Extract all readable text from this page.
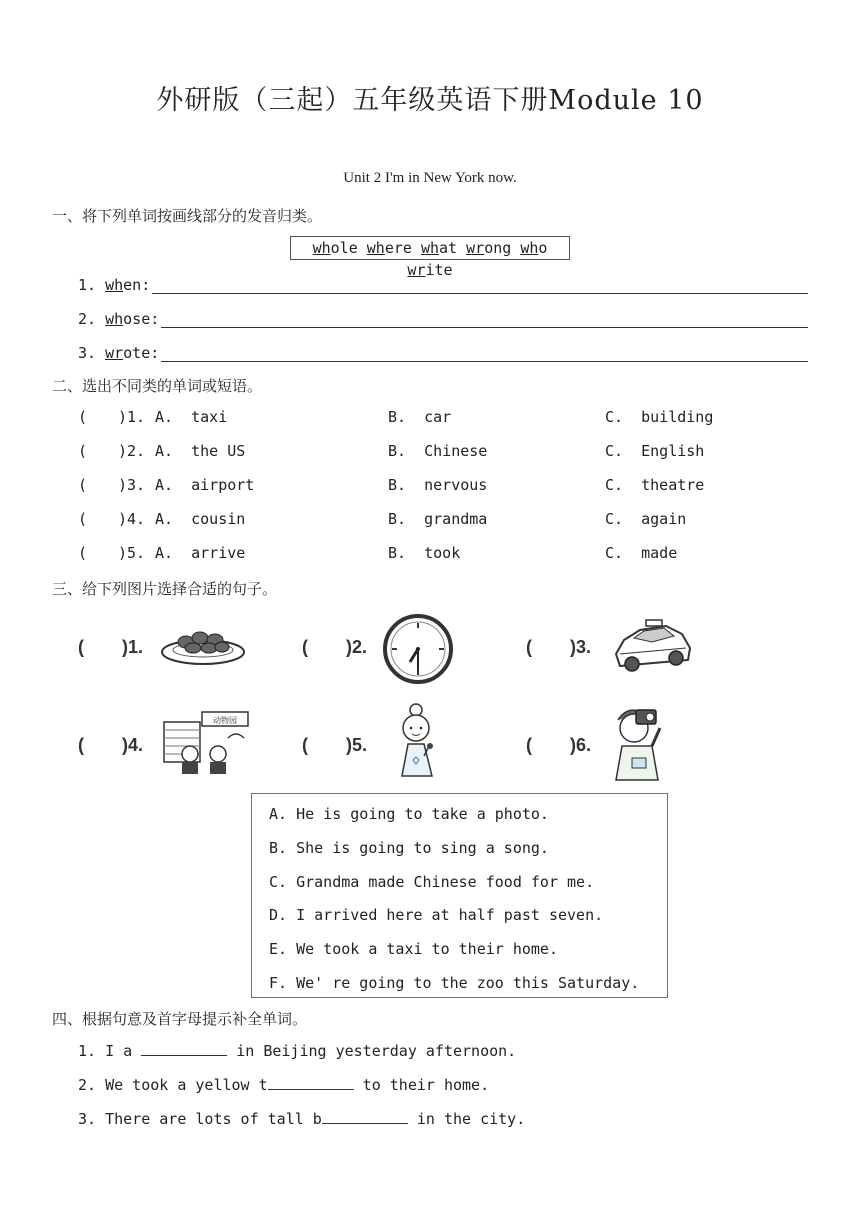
外研版（三起）五年级英语下册Module 10
Unit 2 I'm in New York now.
一、将下列单词按画线部分的发音归类。
whole where what wrong who write
1.
wh en:
2.
wh ose:
3.
wr ote:
二、选出不同类的单词或短语。
( )1. A.  taxi	B.  car	C.  building
( )2. A.  the US	B.  Chinese	C.  English
( )3. A.  airport	B.  nervous	C.  theatre
( )4. A.  cousin	B.  grandma	C.  again
( )5. A.  arrive	B.  took	C.  made
三、给下列图片选择合适的句子。
( )1.	( )2.	( )3.
( )4.
动物园
( )5.	( )6.
A. He is going to take a photo.
B. She is going to sing a song.
C. Grandma made Chinese food for me.
D. I arrived here at half past seven.
E. We took a taxi to their home.
F. We' re going to the zoo this Saturday.
四、根据句意及首字母提示补全单词。
1. I a	in Beijing yesterday afternoon.
2. We took a yellow t	to their home.
3. There are lots of tall b	in the city.
